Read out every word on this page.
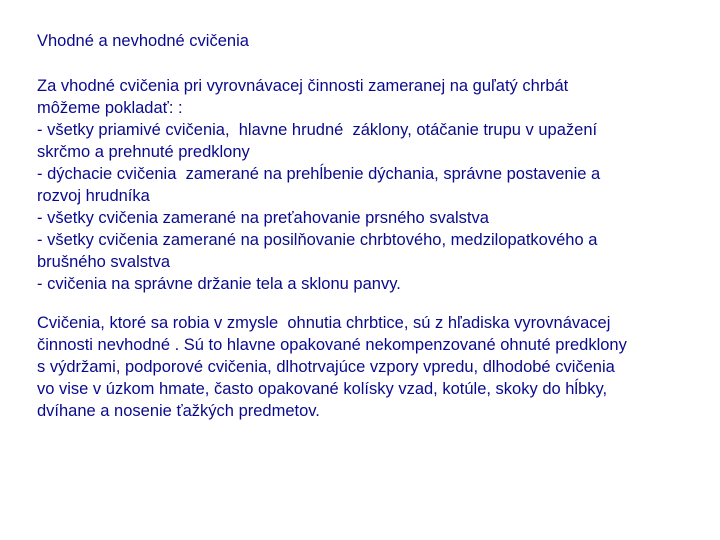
Vhodné a nevhodné cvičenia
Za vhodné cvičenia pri vyrovnávacej činnosti zameranej na guľatý chrbát
môžeme pokladať: :
- všetky priamivé cvičenia,  hlavne hrudné  záklony, otáčanie trupu v upažení
skrčmo a prehnuté predklony
- dýchacie cvičenia  zamerané na prehĺbenie dýchania, správne postavenie a
rozvoj hrudníka
- všetky cvičenia zamerané na preťahovanie prsného svalstva
- všetky cvičenia zamerané na posilňovanie chrbtového, medzilopatkového a
brušného svalstva
- cvičenia na správne držanie tela a sklonu panvy.
Cvičenia, ktoré sa robia v zmysle  ohnutia chrbtice, sú z hľadiska vyrovnávacej
činnosti nevhodné . Sú to hlavne opakované nekompenzované ohnuté predklony
s výdržami, podporové cvičenia, dlhotrvajúce vzpory vpredu, dlhodobé cvičenia
vo vise v úzkom hmate, často opakované kolísky vzad, kotúle, skoky do hĺbky,
dvíhane a nosenie ťažkých predmetov.
